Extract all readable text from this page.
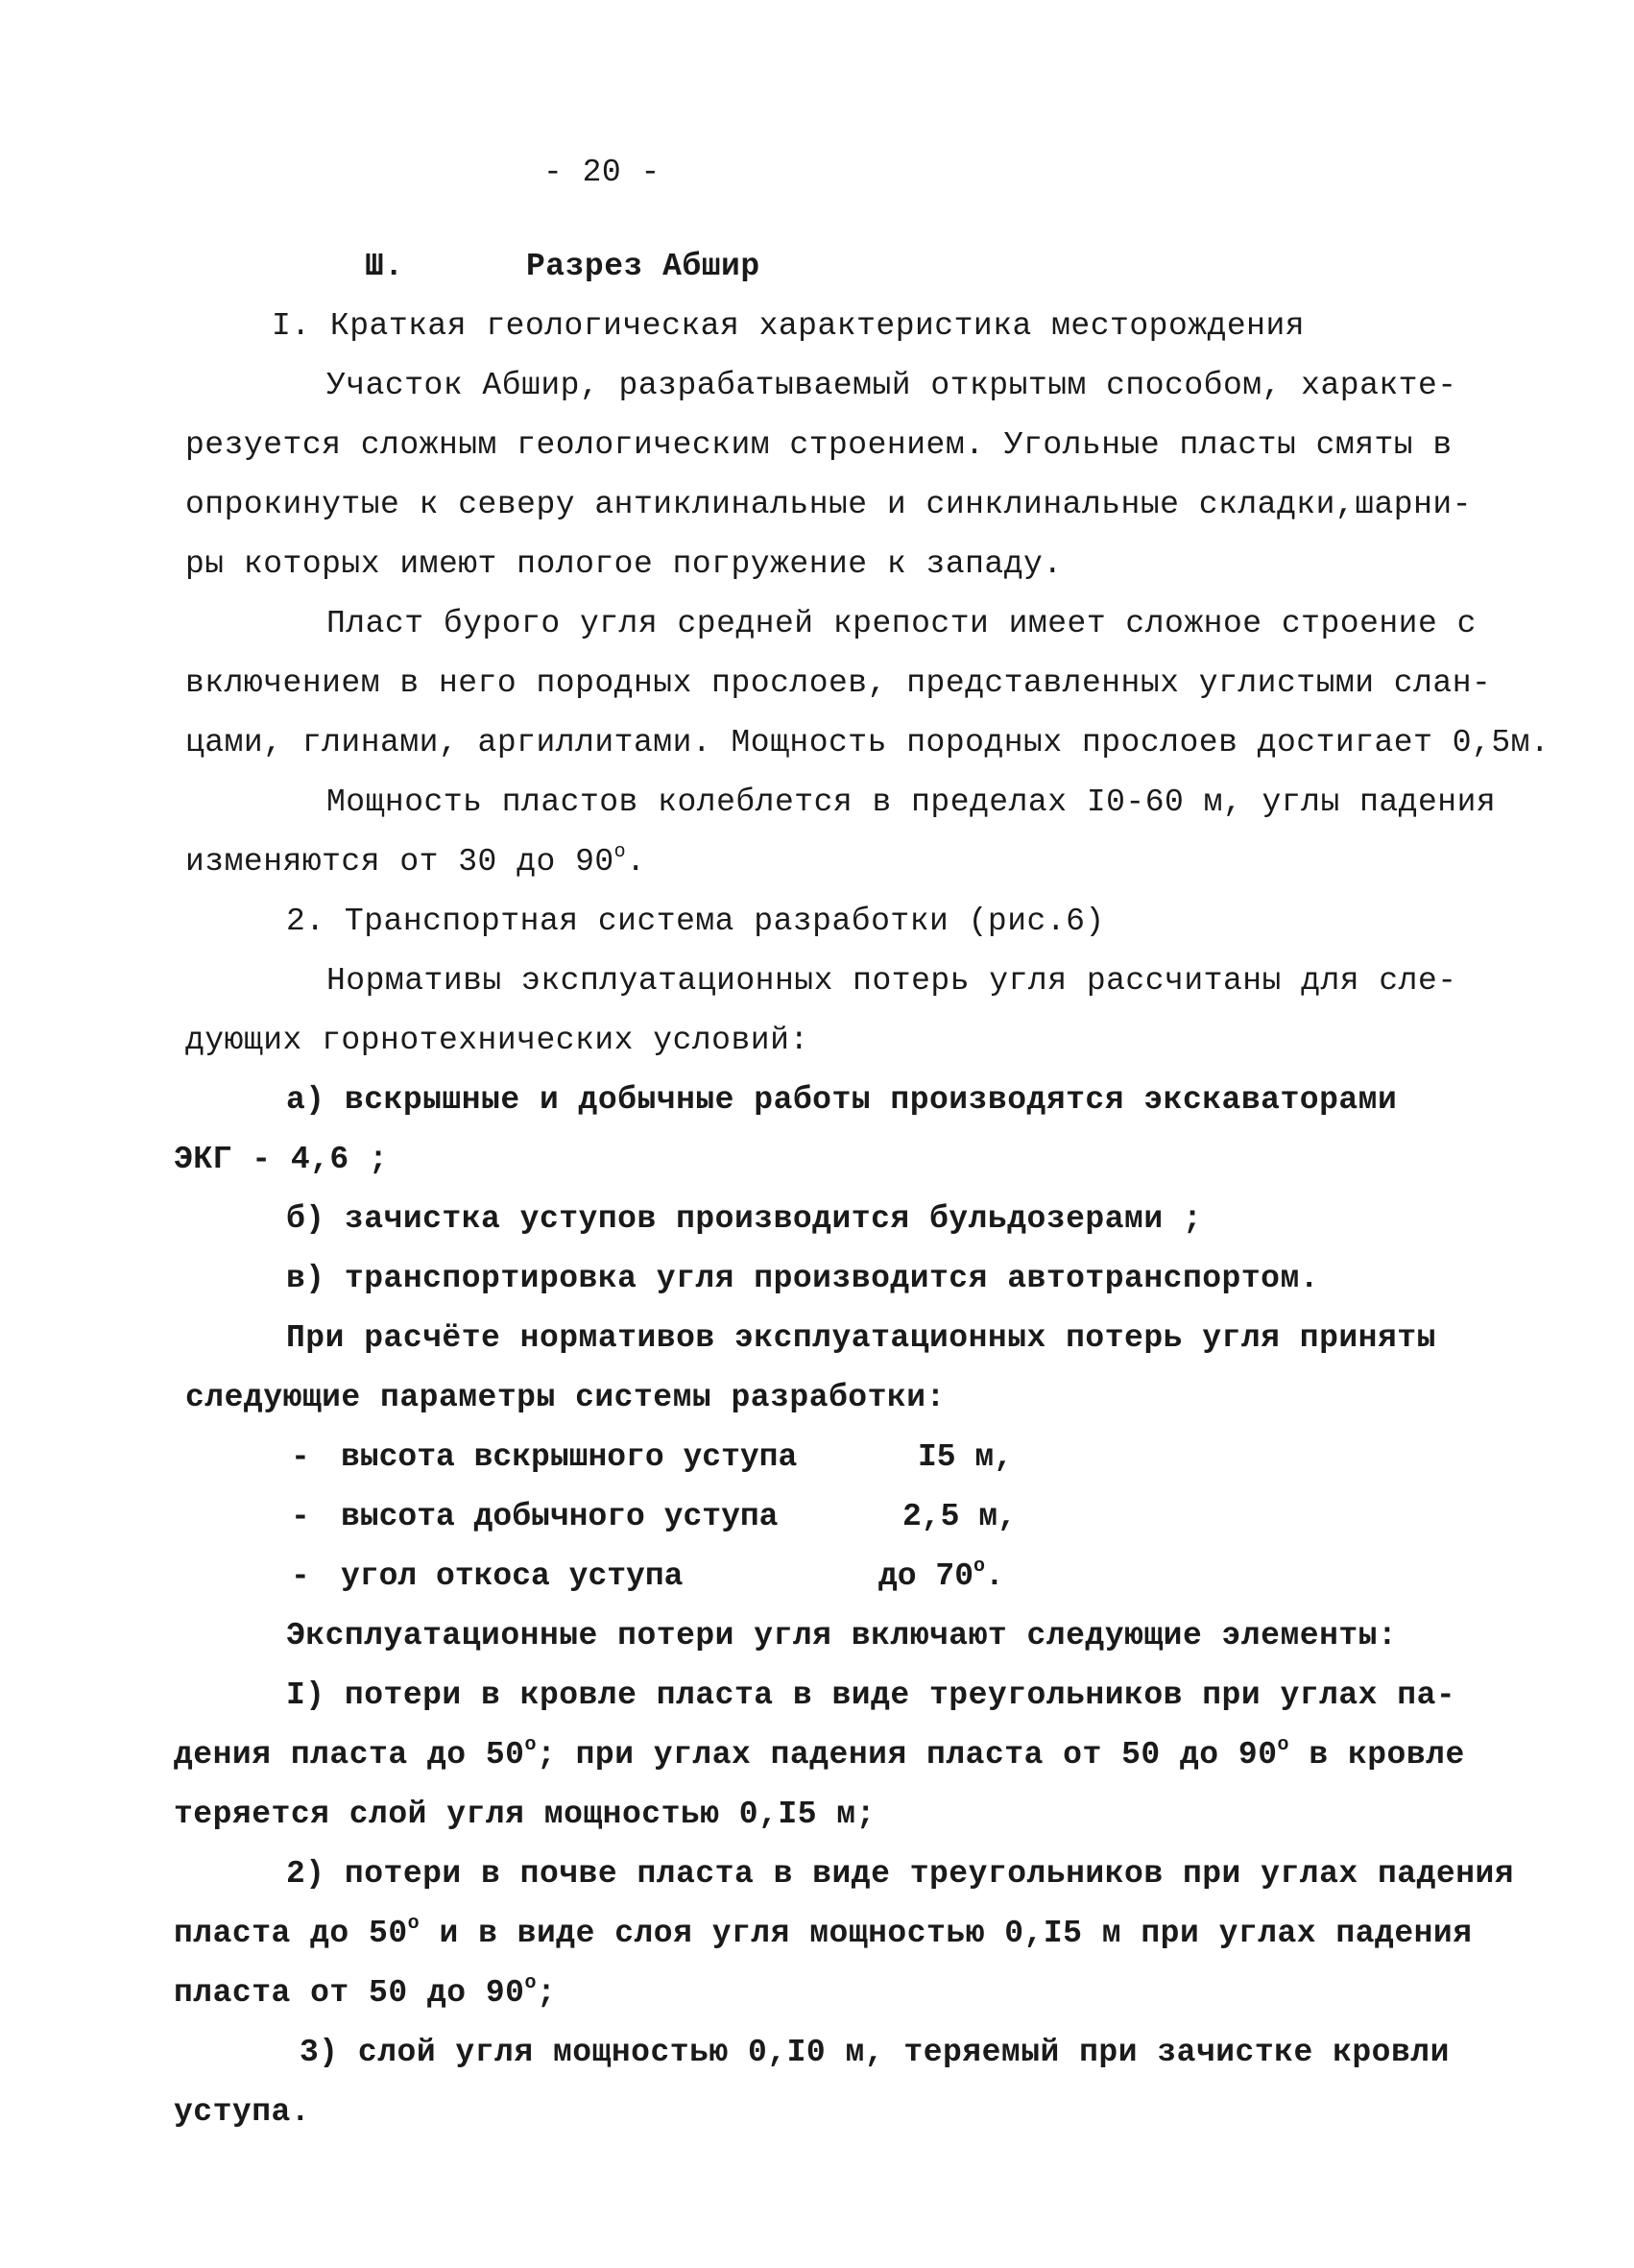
- 20 -
Ш.	Разрез Абшир
I. Краткая геологическая характеристика месторождения
Участок Абшир, разрабатываемый открытым способом, характе-
резуется сложным геологическим строением. Угольные пласты смяты в
опрокинутые к северу антиклинальные и синклинальные складки,шарни-
ры которых имеют пологое погружение к западу.
Пласт бурого угля средней крепости имеет сложное строение с
включением в него породных прослоев, представленных углистыми слан-
цами, глинами, аргиллитами. Мощность породных прослоев достигает 0,5м.
Мощность пластов колеблется в пределах I0-60 м, углы падения
изменяются от 30 до $90^о$.
2. Транспортная система разработки (рис.6)
Нормативы эксплуатационных потерь угля рассчитаны для сле-
дующих горнотехнических условий:
а) вскрышные и добычные работы производятся экскаваторами
ЭКГ - 4,6 ;
б) зачистка уступов производится бульдозерами ;
в) транспортировка угля производится автотранспортом.
При расчёте нормативов эксплуатационных потерь угля приняты
следующие параметры системы разработки:
- высота вскрышного уступа	I5 м,
- высота добычного уступа	2,5 м,
- угол откоса уступа	до $70^о$.
Эксплуатационные потери угля включают следующие элементы:
I) потери в кровле пласта в виде треугольников при углах па-
дения пласта до $50^о$; при углах падения пласта от 50 до $90^о$ в кровле
теряется слой угля мощностью 0,I5 м;
2) потери в почве пласта в виде треугольников при углах падения
пласта до $50^о$ и в виде слоя угля мощностью 0,I5 м при углах падения
пласта от 50 до $90^о$;
3) слой угля мощностью 0,I0 м, теряемый при зачистке кровли
уступа.
